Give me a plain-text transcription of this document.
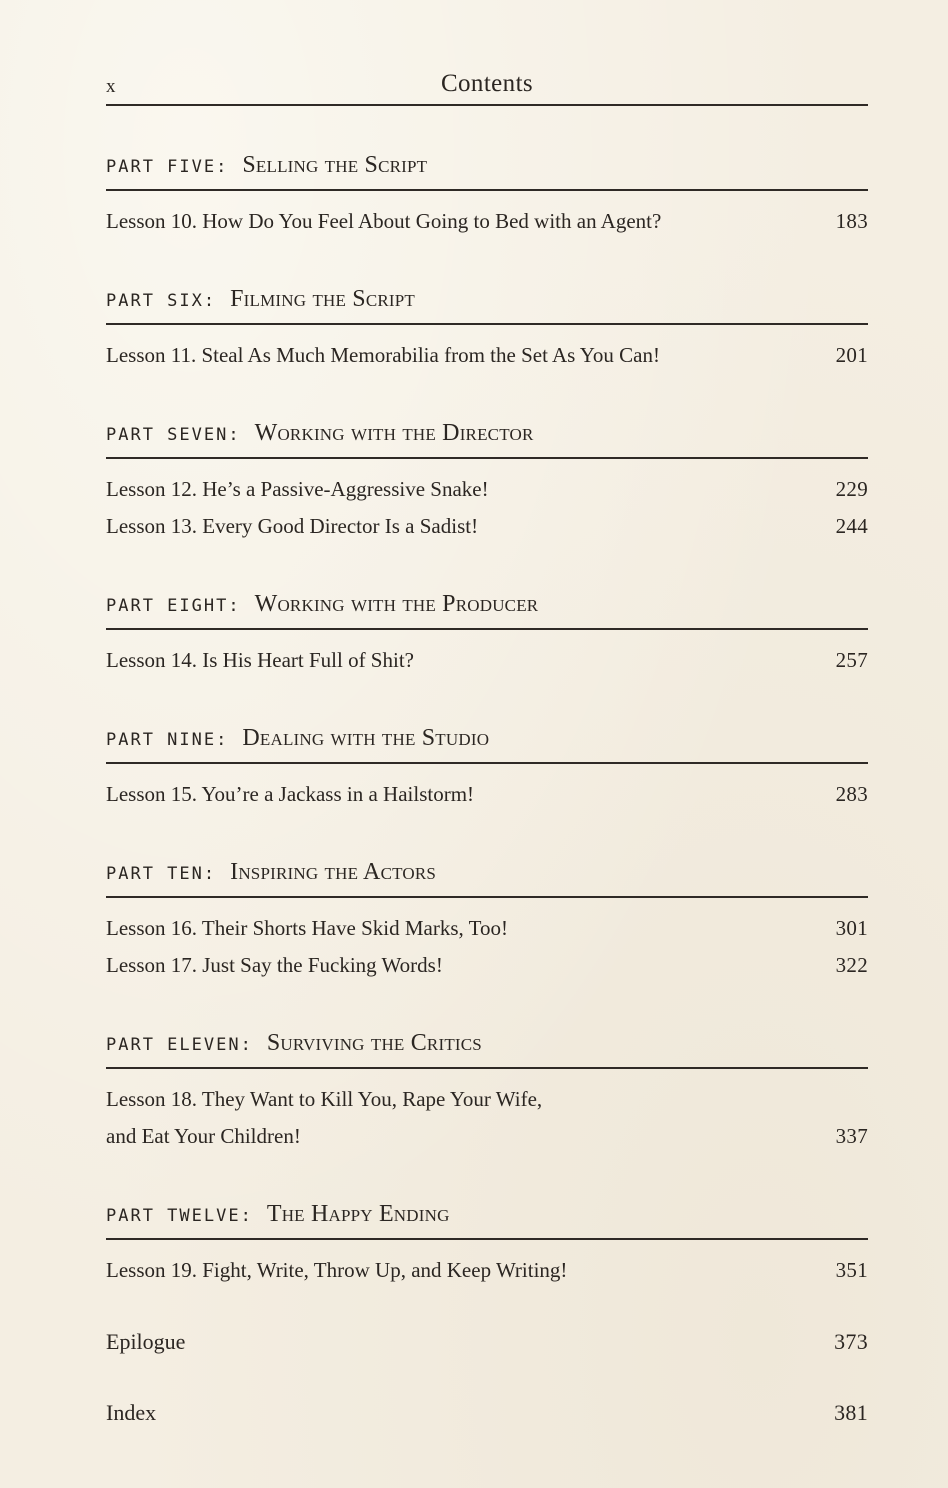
x	Contents
PART FIVE: Selling the Script
Lesson 10. How Do You Feel About Going to Bed with an Agent?	183
PART SIX: Filming the Script
Lesson 11. Steal As Much Memorabilia from the Set As You Can!	201
PART SEVEN: Working with the Director
Lesson 12. He’s a Passive-Aggressive Snake!	229
Lesson 13. Every Good Director Is a Sadist!	244
PART EIGHT: Working with the Producer
Lesson 14. Is His Heart Full of Shit?	257
PART NINE: Dealing with the Studio
Lesson 15. You’re a Jackass in a Hailstorm!	283
PART TEN: Inspiring the Actors
Lesson 16. Their Shorts Have Skid Marks, Too!	301
Lesson 17. Just Say the Fucking Words!	322
PART ELEVEN: Surviving the Critics
Lesson 18. They Want to Kill You, Rape Your Wife,
and Eat Your Children!	337
PART TWELVE: The Happy Ending
Lesson 19. Fight, Write, Throw Up, and Keep Writing!	351
Epilogue	373
Index	381
